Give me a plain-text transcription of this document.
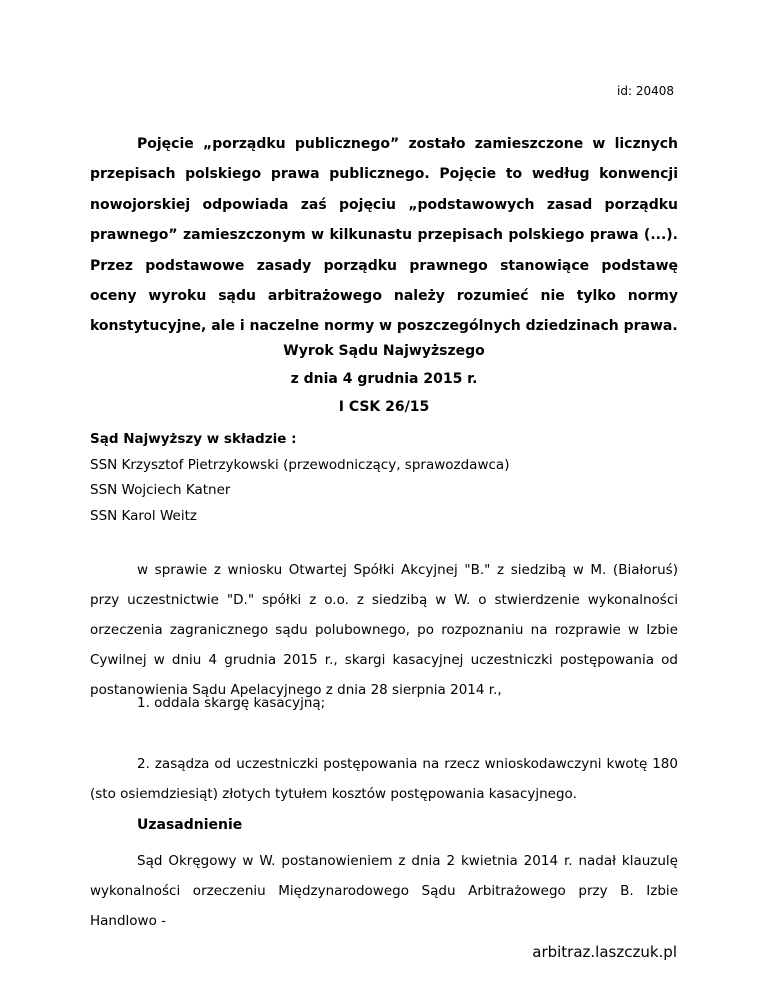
id: 20408

Pojęcie „porządku publicznego” zostało zamieszczone w licznych przepisach polskiego prawa publicznego. Pojęcie to według konwencji nowojorskiej odpowiada zaś pojęciu „podstawowych zasad porządku prawnego” zamieszczonym w kilkunastu przepisach polskiego prawa (...). Przez podstawowe zasady porządku prawnego stanowiące podstawę oceny wyroku sądu arbitrażowego należy rozumieć nie tylko normy konstytucyjne, ale i naczelne normy w poszczególnych dziedzinach prawa.

Wyrok Sądu Najwyższego
z dnia 4 grudnia 2015 r.
I CSK 26/15
Sąd Najwyższy w składzie :
SSN Krzysztof Pietrzykowski (przewodniczący, sprawozdawca)
SSN Wojciech Katner
SSN Karol Weitz

w sprawie z wniosku Otwartej Spółki Akcyjnej "B." z siedzibą w M. (Białoruś) przy uczestnictwie "D." spółki z o.o. z siedzibą w W. o stwierdzenie wykonalności orzeczenia zagranicznego sądu polubownego, po rozpoznaniu na rozprawie w Izbie Cywilnej w dniu 4 grudnia 2015 r., skargi kasacyjnej uczestniczki postępowania od postanowienia Sądu Apelacyjnego z dnia 28 sierpnia 2014 r.,

1. oddala skargę kasacyjną;

2. zasądza od uczestniczki postępowania na rzecz wnioskodawczyni kwotę 180 (sto osiemdziesiąt) złotych tytułem kosztów postępowania kasacyjnego.

Uzasadnienie

Sąd Okręgowy w W. postanowieniem z dnia 2 kwietnia 2014 r. nadał klauzulę wykonalności orzeczeniu Międzynarodowego Sądu Arbitrażowego przy B. Izbie Handlowo -

arbitraz.laszczuk.pl
